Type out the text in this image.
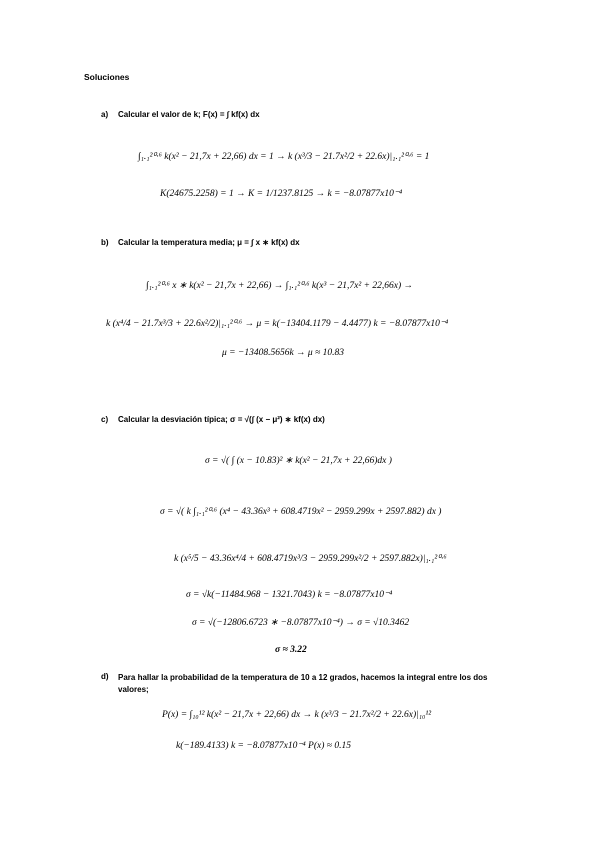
Soluciones
a) Calcular el valor de k; F(x) = ∫ kf(x) dx
∫₁.₁²⁰·⁶ k(x² − 21,7x + 22,66) dx = 1 → k (x³/3 − 21.7x²/2 + 22.6x)|₁.₁²⁰·⁶ = 1
K(24675.2258) = 1 → K = 1/1237.8125 → k = −8.07877x10⁻⁴
b) Calcular la temperatura media; μ = ∫ x ∗ kf(x) dx
∫₁.₁²⁰·⁶ x ∗ k(x² − 21,7x + 22,66) → ∫₁.₁²⁰·⁶ k(x³ − 21,7x² + 22,66x) →
k (x⁴/4 − 21.7x³/3 + 22.6x²/2)|₁.₁²⁰·⁶ → μ = k(−13404.1179 − 4.4477) k = −8.07877x10⁻⁴
μ = −13408.5656k → μ ≈ 10.83
c) Calcular la desviación típica; σ = √(∫ (x − μ²) ∗ kf(x) dx)
σ = √( ∫ (x − 10.83)² ∗ k(x² − 21,7x + 22,66)dx )
σ = √( k ∫₁.₁²⁰·⁶ (x⁴ − 43.36x³ + 608.4719x² − 2959.299x + 2597.882) dx )
k (x⁵/5 − 43.36x⁴/4 + 608.4719x³/3 − 2959.299x²/2 + 2597.882x)|₁.₁²⁰·⁶
σ = √k(−11484.968 − 1321.7043) k = −8.07877x10⁻⁴
σ = √(−12806.6723 ∗ −8.07877x10⁻⁴) → σ = √10.3462
σ ≈ 3.22
d) Para hallar la probabilidad de la temperatura de 10 a 12 grados, hacemos la integral entre los dos valores;
P(x) = ∫₁₀¹² k(x² − 21,7x + 22,66) dx → k (x³/3 − 21.7x²/2 + 22.6x)|₁₀¹²
k(−189.4133) k = −8.07877x10⁻⁴ P(x) ≈ 0.15
